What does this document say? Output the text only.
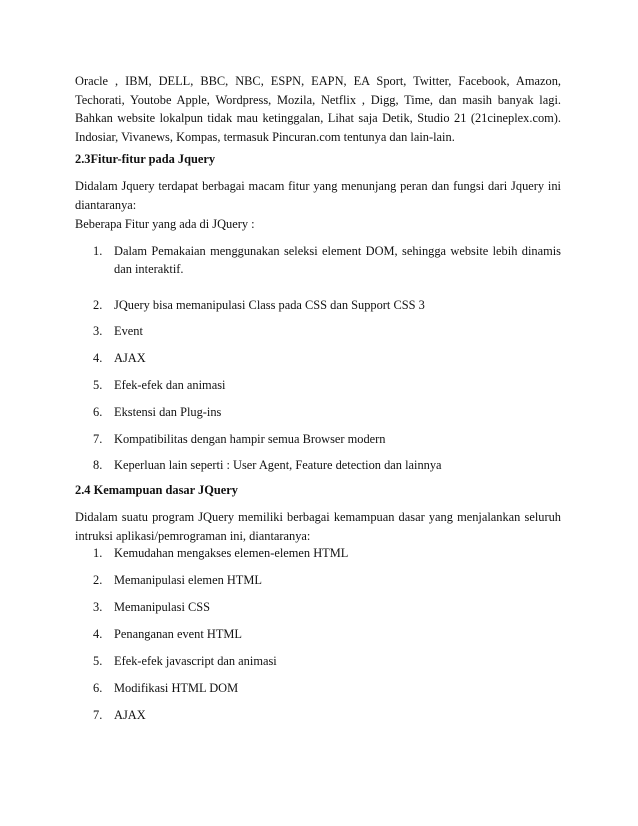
Oracle , IBM, DELL, BBC, NBC, ESPN, EAPN, EA Sport, Twitter, Facebook, Amazon, Techorati, Youtobe Apple, Wordpress, Mozila, Netflix , Digg, Time, dan masih banyak lagi. Bahkan website lokalpun tidak mau ketinggalan, Lihat saja Detik, Studio 21 (21cineplex.com). Indosiar, Vivanews, Kompas, termasuk Pincuran.com tentunya dan lain-lain.

2.3Fitur-fitur pada Jquery

Didalam Jquery terdapat berbagai macam fitur yang menunjang peran dan fungsi dari Jquery ini diantaranya:

Beberapa Fitur yang ada di JQuery :

1. Dalam Pemakaian menggunakan seleksi element DOM, sehingga website lebih dinamis dan interaktif.
2. JQuery bisa memanipulasi Class pada CSS dan Support CSS 3
3. Event
4. AJAX
5. Efek-efek dan animasi
6. Ekstensi dan Plug-ins
7. Kompatibilitas dengan hampir semua Browser modern
8. Keperluan lain seperti : User Agent, Feature detection dan lainnya
2.4 Kemampuan dasar JQuery

Didalam suatu program JQuery memiliki berbagai kemampuan dasar yang menjalankan seluruh intruksi aplikasi/pemrograman ini, diantaranya:

1. Kemudahan mengakses elemen-elemen HTML
2. Memanipulasi elemen HTML
3. Memanipulasi CSS
4. Penanganan event HTML
5. Efek-efek javascript dan animasi
6. Modifikasi HTML DOM
7. AJAX
